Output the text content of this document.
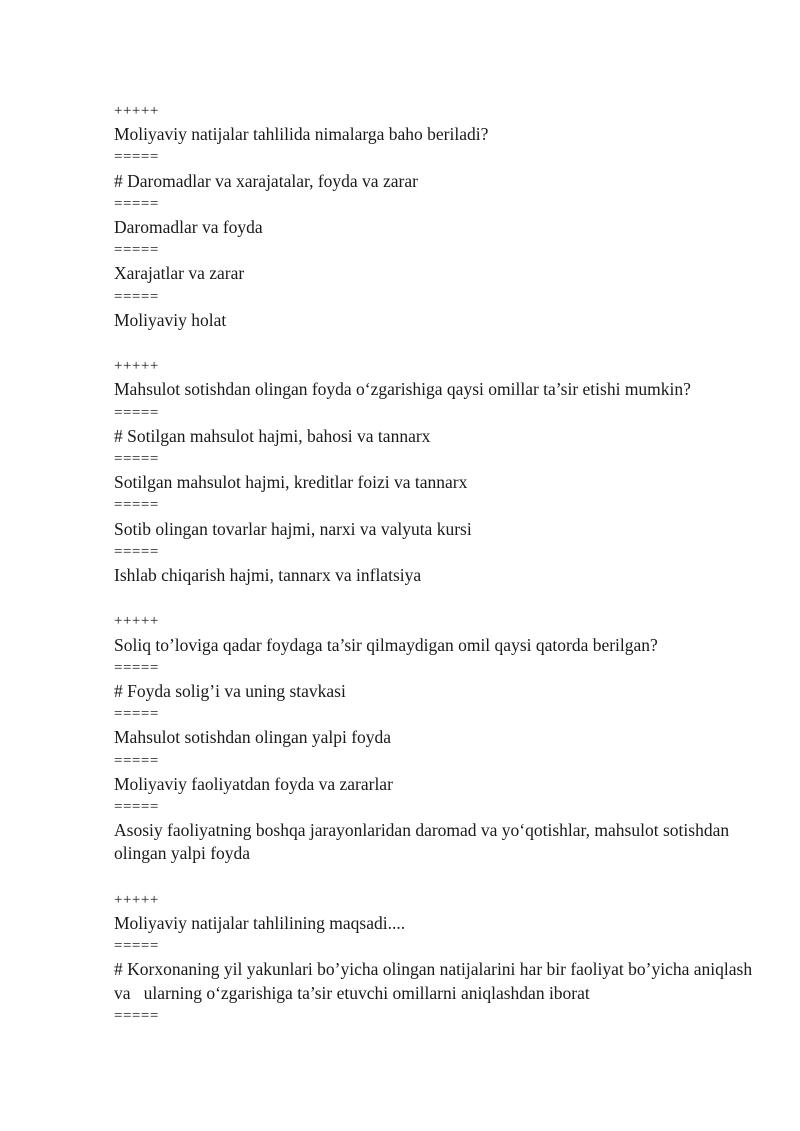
+++++
Moliyaviy natijalar tahlilida nimalarga baho beriladi?
=====
# Daromadlar va xarajatalar, foyda va zarar
=====
Daromadlar va foyda
=====
Xarajatlar va zarar
=====
Moliyaviy holat
+++++
Mahsulot sotishdan olingan foyda o‘zgarishiga qaysi omillar ta’sir etishi mumkin?
=====
# Sotilgan mahsulot hajmi, bahosi va tannarx
=====
Sotilgan mahsulot hajmi, kreditlar foizi va tannarx
=====
Sotib olingan tovarlar hajmi, narxi va valyuta kursi
=====
Ishlab chiqarish hajmi, tannarx va inflatsiya
+++++
Soliq to’loviga qadar foydaga ta’sir qilmaydigan omil qaysi qatorda berilgan?
=====
# Foyda solig’i va uning stavkasi
=====
Mahsulot sotishdan olingan yalpi foyda
=====
Moliyaviy faoliyatdan foyda va zararlar
=====
Asosiy faoliyatning boshqa jarayonlaridan daromad va yo‘qotishlar, mahsulot sotishdan olingan yalpi foyda
+++++
Moliyaviy natijalar tahlilining maqsadi....
=====
# Korxonaning yil yakunlari bo’yicha olingan natijalarini har bir faoliyat bo’yicha aniqlash va   ularning o‘zgarishiga ta’sir etuvchi omillarni aniqlashdan iborat
=====
